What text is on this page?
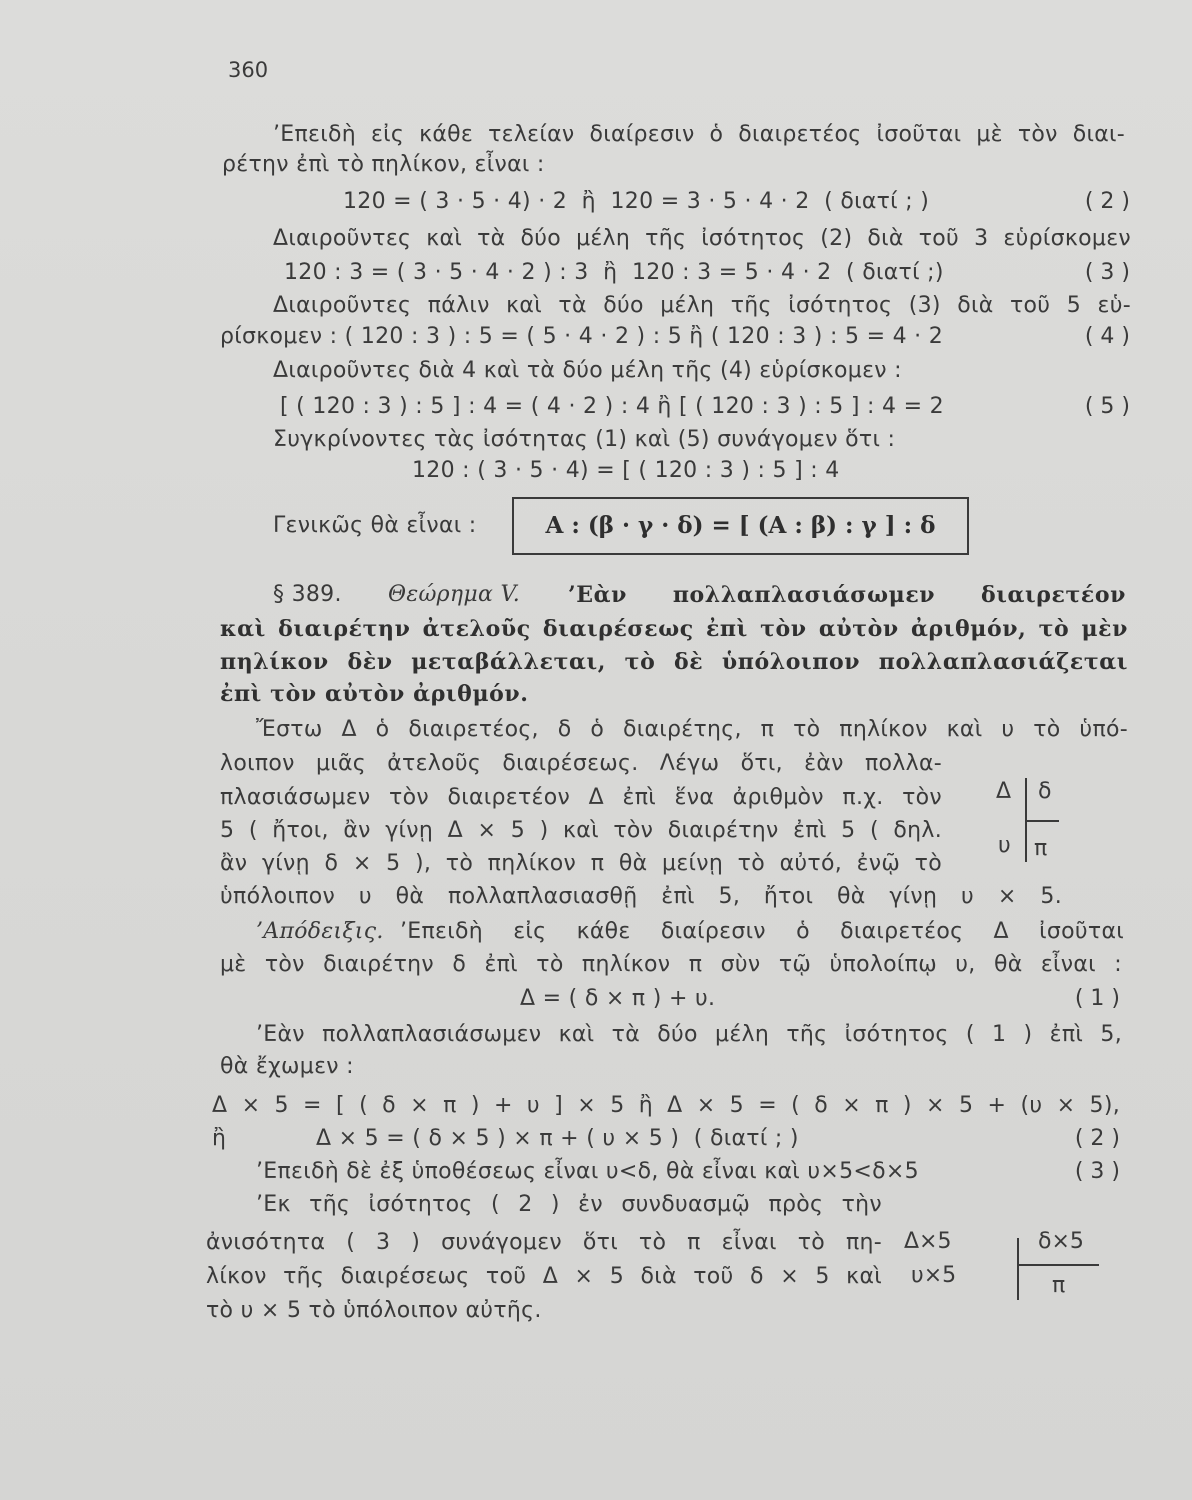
360
’Επειδὴ εἰς κάθε τελείαν διαίρεσιν ὁ διαιρετέος ἰσοῦται μὲ τὸν διαι-
ρέτην ἐπὶ τὸ πηλίκον, εἶναι :
120 = ( 3 · 5 · 4) · 2  ἢ  120 = 3 · 5 · 4 · 2  ( διατί ; )	( 2 )
Διαιροῦντες καὶ τὰ δύο μέλη τῆς ἰσότητος (2) διὰ τοῦ 3 εὑρίσκομεν
120 : 3 = ( 3 · 5 · 4 · 2 ) : 3  ἢ  120 : 3 = 5 · 4 · 2  ( διατί ;)	( 3 )
Διαιροῦντες πάλιν καὶ τὰ δύο μέλη τῆς ἰσότητος (3) διὰ τοῦ 5 εὑ-
ρίσκομεν : ( 120 : 3 ) : 5 = ( 5 · 4 · 2 ) : 5 ἢ ( 120 : 3 ) : 5 = 4 · 2	( 4 )
Διαιροῦντες διὰ 4 καὶ τὰ δύο μέλη τῆς (4) εὑρίσκομεν :
[ ( 120 : 3 ) : 5 ] : 4 = ( 4 · 2 ) : 4 ἢ [ ( 120 : 3 ) : 5 ] : 4 = 2	( 5 )
Συγκρίνοντες τὰς ἰσότητας (1) καὶ (5) συνάγομεν ὅτι :
120 : ( 3 · 5 · 4) = [ ( 120 : 3 ) : 5 ] : 4
Γενικῶς θὰ εἶναι :	Α : (β · γ · δ) = [ (Α : β) : γ ] : δ
§ 389. Θεώρημα V. ’Εὰν πολλαπλασιάσωμεν διαιρετέον
καὶ διαιρέτην ἀτελοῦς διαιρέσεως ἐπὶ τὸν αὐτὸν ἀριθμόν, τὸ μὲν
πηλίκον δὲν μεταβάλλεται, τὸ δὲ ὑπόλοιπον πολλαπλασιάζεται
ἐπὶ τὸν αὐτὸν ἀριθμόν.
Ἔστω Δ ὁ διαιρετέος, δ ὁ διαιρέτης, π τὸ πηλίκον καὶ υ τὸ ὑπό-
λοιπον μιᾶς ἀτελοῦς διαιρέσεως. Λέγω ὅτι, ἐὰν πολλα-
πλασιάσωμεν τὸν διαιρετέον Δ ἐπὶ ἕνα ἀριθμὸν π.χ. τὸν
5 ( ἤτοι, ἂν γίνῃ Δ × 5 ) καὶ τὸν διαιρέτην ἐπὶ 5 ( δηλ.
ἂν γίνῃ δ × 5 ), τὸ πηλίκον π θὰ μείνῃ τὸ αὐτό, ἐνῷ τὸ
ὑπόλοιπον υ θὰ πολλαπλασιασθῇ ἐπὶ 5, ἤτοι θὰ γίνῃ υ × 5.
Δ δ
υ π
’Απόδειξις. ’Επειδὴ εἰς κάθε διαίρεσιν ὁ διαιρετέος Δ ἰσοῦται
μὲ τὸν διαιρέτην δ ἐπὶ τὸ πηλίκον π σὺν τῷ ὑπολοίπῳ υ, θὰ εἶναι :
Δ = ( δ × π ) + υ.	( 1 )
’Εὰν πολλαπλασιάσωμεν καὶ τὰ δύο μέλη τῆς ἰσότητος ( 1 ) ἐπὶ 5,
θὰ ἔχωμεν :
Δ × 5 = [ ( δ × π ) + υ ] × 5 ἢ Δ × 5 = ( δ × π ) × 5 + (υ × 5),
ἢ	Δ × 5 = ( δ × 5 ) × π + ( υ × 5 )  ( διατί ; )	( 2 )
’Επειδὴ δὲ ἐξ ὑποθέσεως εἶναι υ<δ, θὰ εἶναι καὶ υ×5<δ×5	( 3 )
’Εκ τῆς ἰσότητος ( 2 ) ἐν συνδυασμῷ πρὸς τὴν
ἀνισότητα ( 3 ) συνάγομεν ὅτι τὸ π εἶναι τὸ πη-
λίκον τῆς διαιρέσεως τοῦ Δ × 5 διὰ τοῦ δ × 5 καὶ
τὸ υ × 5 τὸ ὑπόλοιπον αὐτῆς.
Δ×5	δ×5
υ×5	π
